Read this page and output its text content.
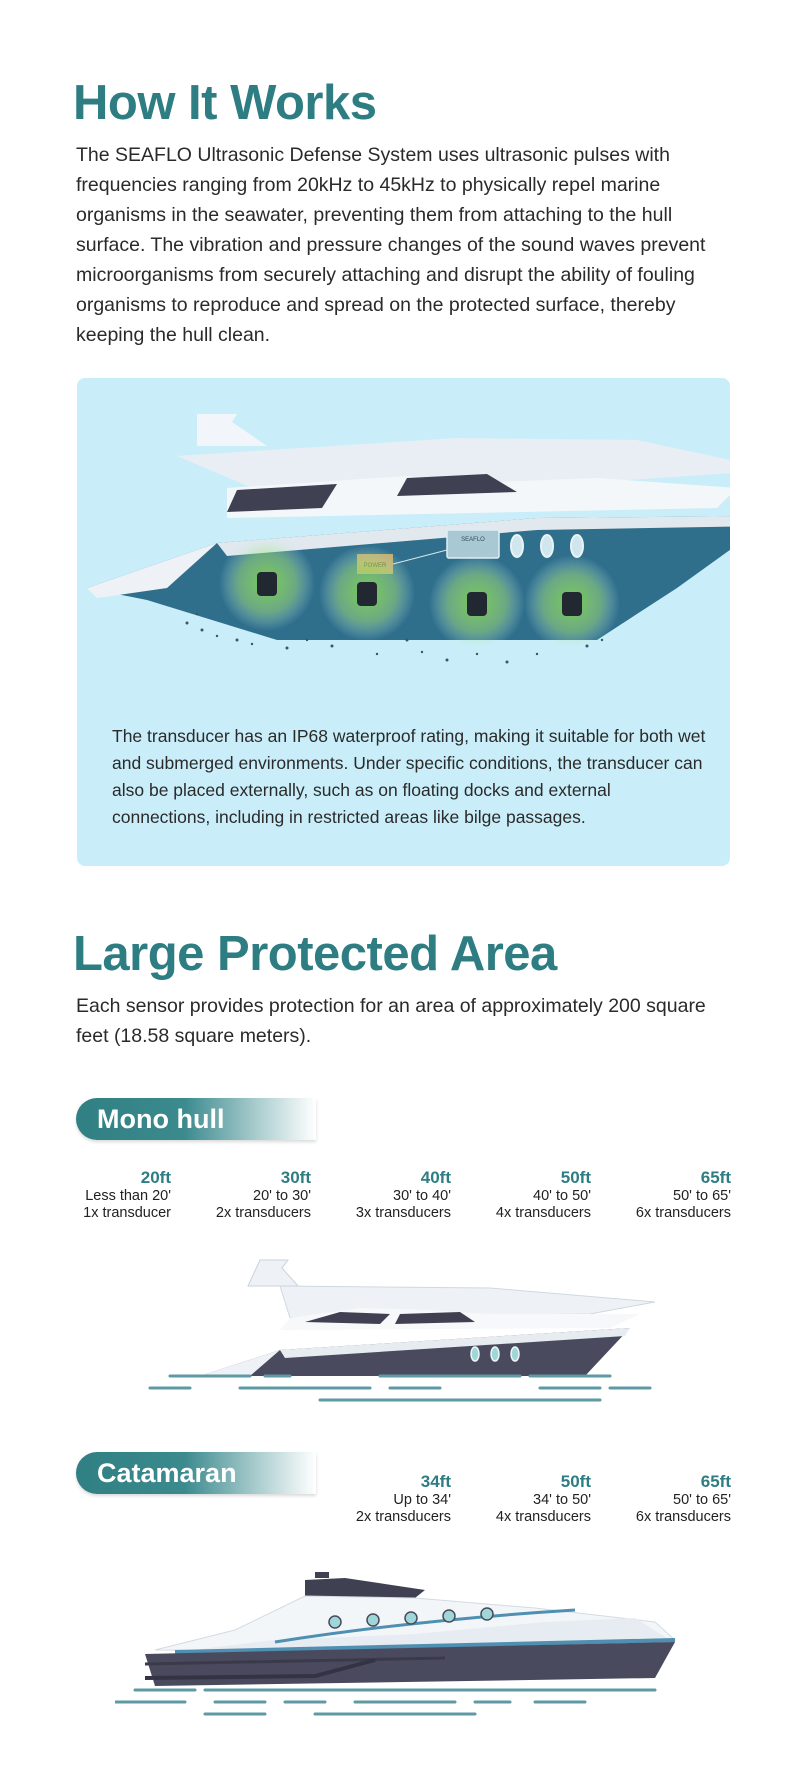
How It Works

The SEAFLO Ultrasonic Defense System uses ultrasonic pulses with frequencies ranging from 20kHz to 45kHz to physically repel marine organisms in the seawater, preventing them from attaching to the hull surface. The vibration and pressure changes of the sound waves prevent microorganisms from securely attaching and disrupt the ability of fouling organisms to reproduce and spread on the protected surface, thereby keeping the hull clean.

SEAFLO

The transducer has an IP68 waterproof rating, making it suitable for both wet and submerged environments. Under specific conditions, the transducer can also be placed externally, such as on floating docks and external connections, including in restricted areas like bilge passages.

Large Protected Area

Each sensor provides protection for an area of approximately 200 square feet (18.58 square meters).

Mono hull
20ft
Less than 20'
1x transducer
30ft
20' to 30'
2x transducers
40ft
30' to 40'
3x transducers
50ft
40' to 50'
4x transducers
65ft
50' to 65'
6x transducers
Catamaran	34ft
Up to 34'
2x transducers
50ft
34' to 50'
4x transducers
65ft
50' to 65'
6x transducers
